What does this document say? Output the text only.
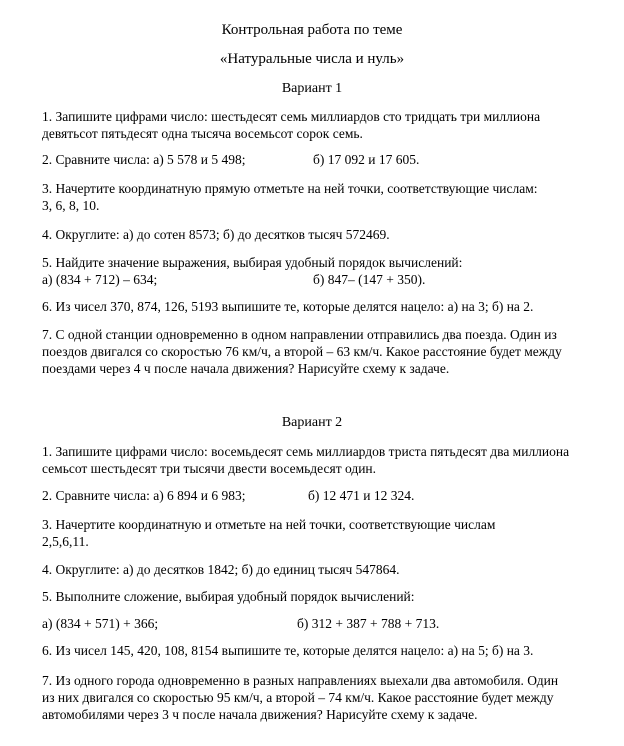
Контрольная работа по теме
«Натуральные числа и нуль»
Вариант 1
1. Запишите цифрами число: шестьдесят семь миллиардов сто тридцать три миллиона
девятьсот пятьдесят одна тысяча восемьсот сорок семь.
2. Сравните числа: а) 5 578 и 5 498;	б) 17 092 и 17 605.
3. Начертите координатную прямую отметьте на ней точки, соответствующие числам:
3, 6, 8, 10.
4. Округлите: а) до сотен 8573; б) до десятков тысяч 572469.
5. Найдите значение выражения, выбирая удобный порядок вычислений:
а) (834 + 712) – 634;	б) 847– (147 + 350).
6. Из чисел 370, 874, 126, 5193 выпишите те, которые делятся нацело: а) на 3; б) на 2.
7. С одной станции одновременно в одном направлении отправились два поезда. Один из
поездов двигался со скоростью 76 км/ч, а второй – 63 км/ч. Какое расстояние будет между
поездами через 4 ч после начала движения? Нарисуйте схему к задаче.
Вариант 2
1. Запишите цифрами число: восемьдесят семь миллиардов триста пятьдесят два миллиона
семьсот шестьдесят три тысячи двести восемьдесят один.
2. Сравните числа: а) 6 894 и 6 983;	б) 12 471 и 12 324.
3. Начертите координатную и отметьте на ней точки, соответствующие числам
2,5,6,11.
4. Округлите: а) до десятков 1842; б) до единиц тысяч 547864.
5. Выполните сложение, выбирая удобный порядок вычислений:
а) (834 + 571) + 366;	б) 312 + 387 + 788 + 713.
6. Из чисел 145, 420, 108, 8154 выпишите те, которые делятся нацело: а) на 5; б) на 3.
7. Из одного города одновременно в разных направлениях выехали два автомобиля. Один
из них двигался со скоростью 95 км/ч, а второй – 74 км/ч. Какое расстояние будет между
автомобилями через 3 ч после начала движения? Нарисуйте схему к задаче.
